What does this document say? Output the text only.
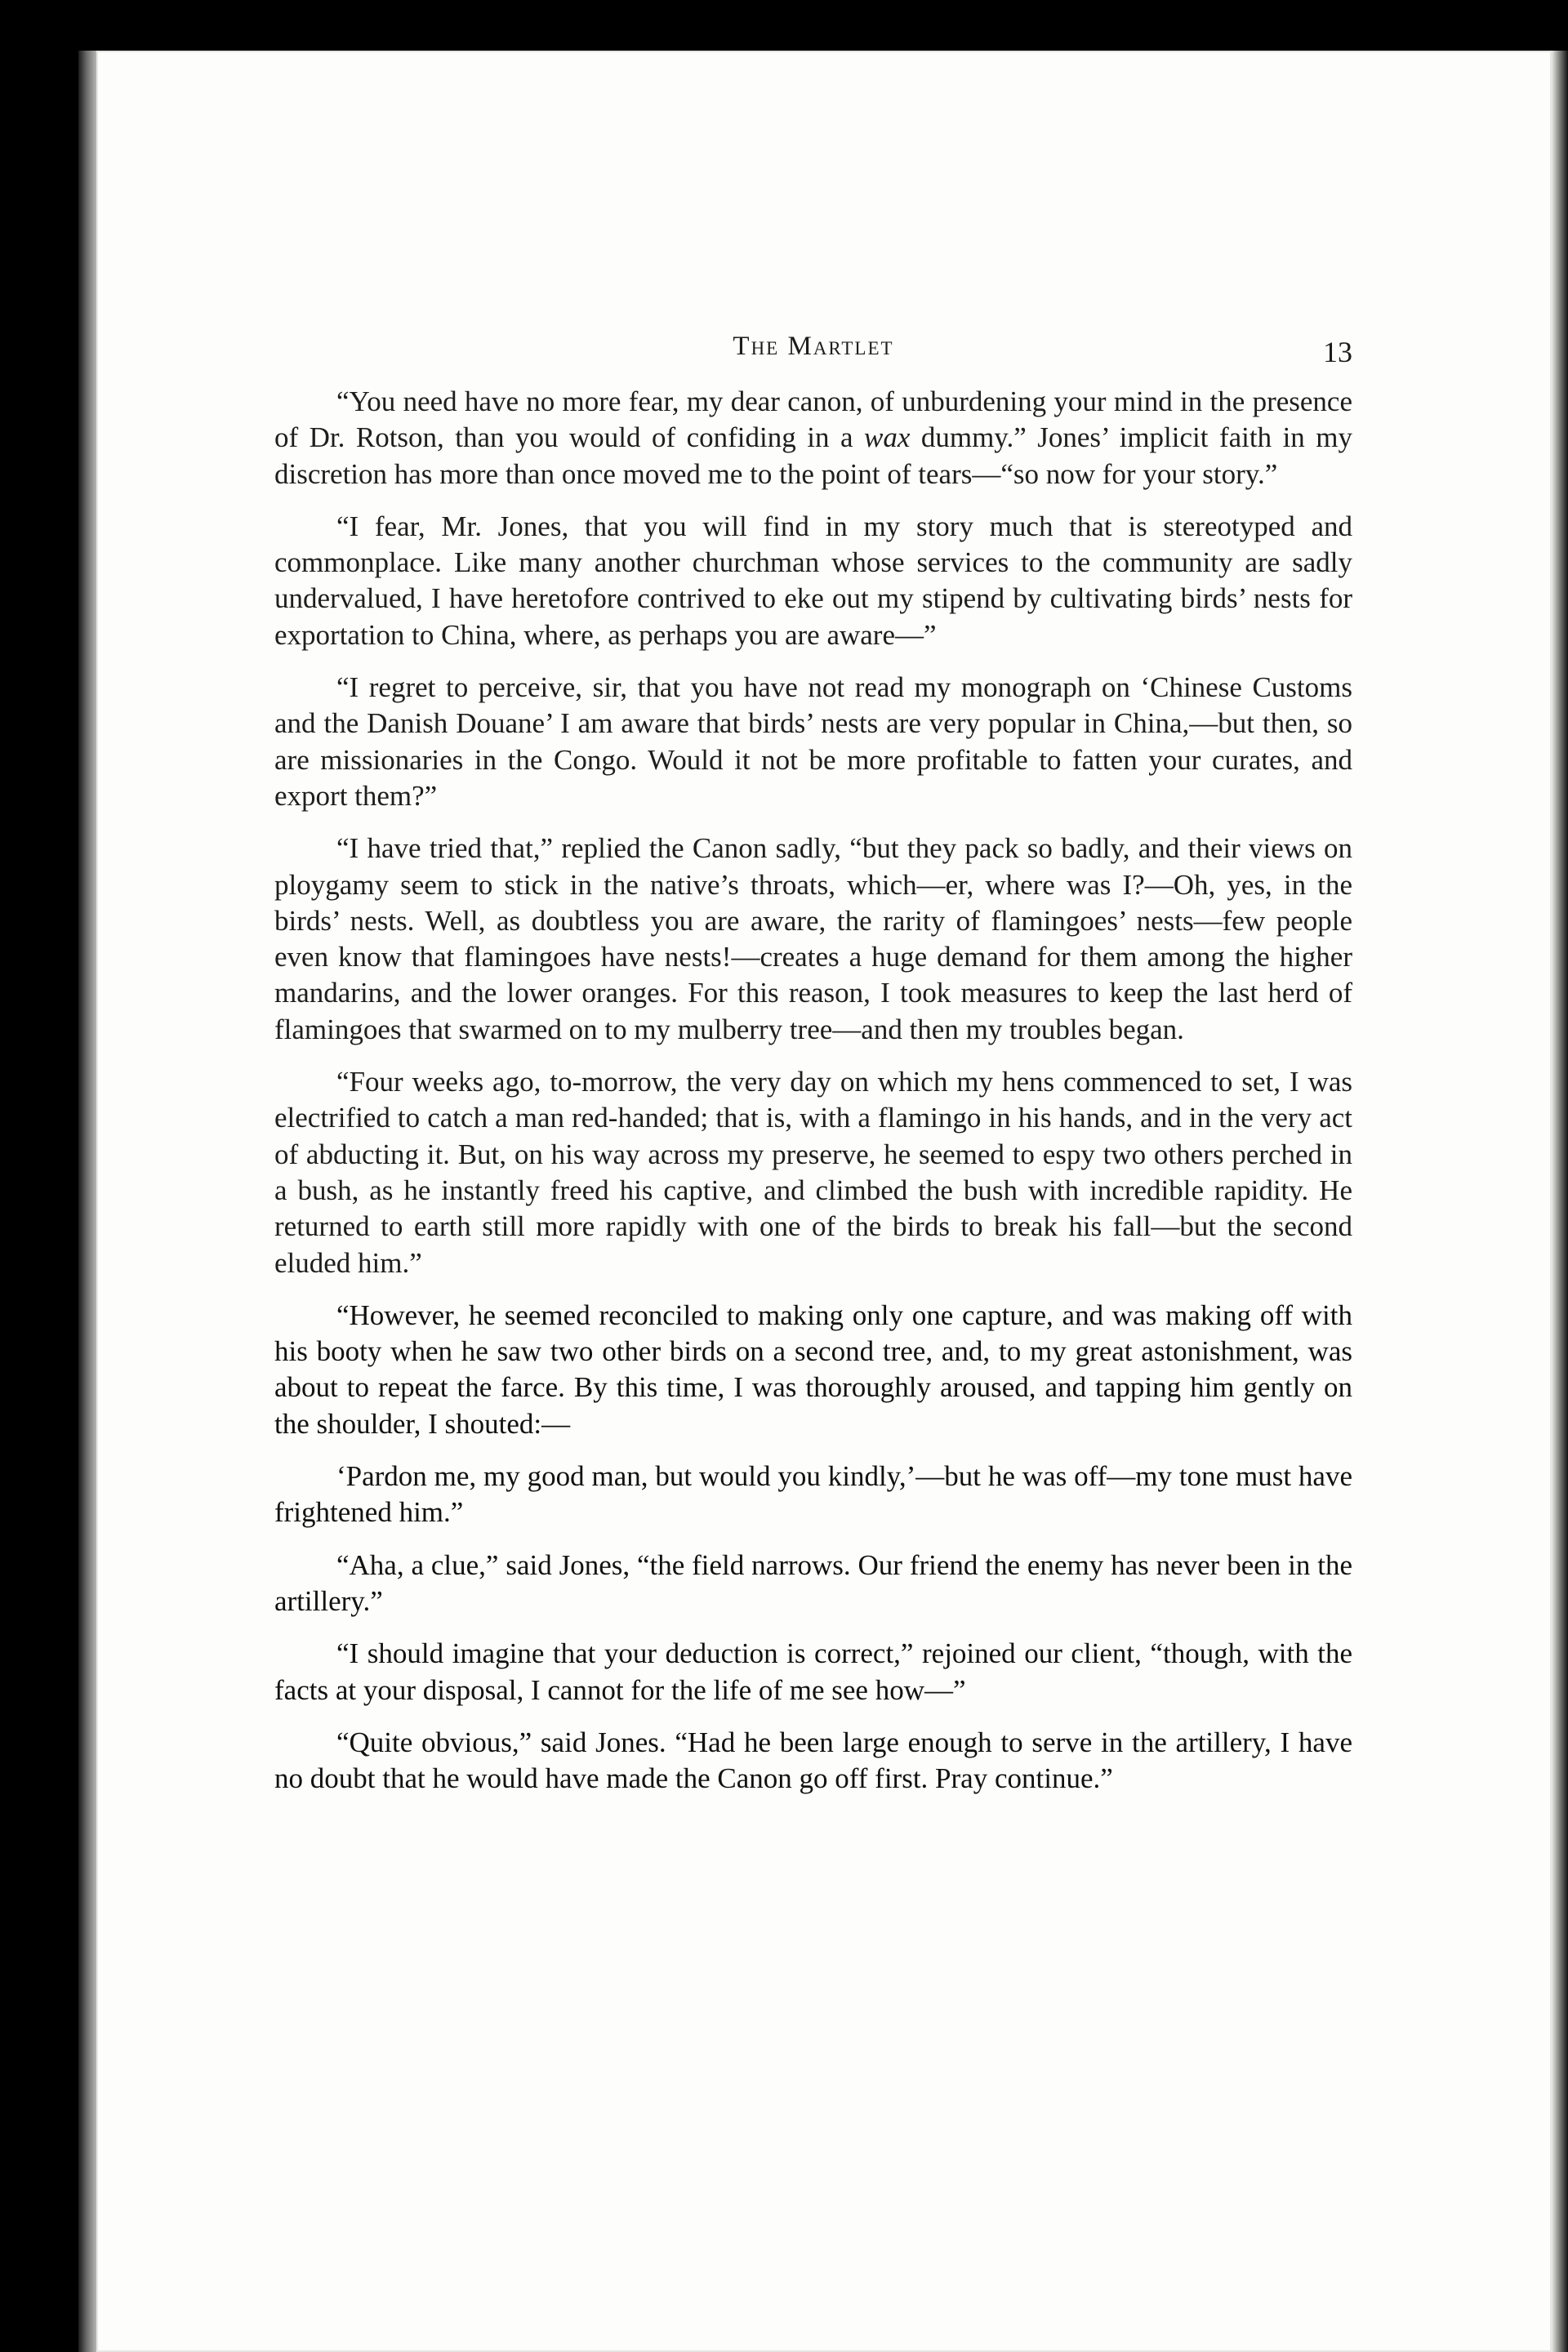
The Martlet	13

“You need have no more fear, my dear canon, of unburdening your mind in the presence of Dr. Rotson, than you would of confiding in a wax dummy.” Jones’ implicit faith in my discretion has more than once moved me to the point of tears—“so now for your story.”

“I fear, Mr. Jones, that you will find in my story much that is stereotyped and commonplace. Like many another churchman whose services to the community are sadly undervalued, I have heretofore contrived to eke out my stipend by cultivating birds’ nests for exportation to China, where, as perhaps you are aware—”

“I regret to perceive, sir, that you have not read my monograph on ‘Chinese Customs and the Danish Douane’ I am aware that birds’ nests are very popular in China,—but then, so are missionaries in the Congo. Would it not be more profitable to fatten your curates, and export them?”

“I have tried that,” replied the Canon sadly, “but they pack so badly, and their views on ploygamy seem to stick in the native’s throats, which—er, where was I?—Oh, yes, in the birds’ nests. Well, as doubtless you are aware, the rarity of flamingoes’ nests—few people even know that flamingoes have nests!—creates a huge demand for them among the higher mandarins, and the lower oranges. For this reason, I took measures to keep the last herd of flamingoes that swarmed on to my mulberry tree—and then my troubles began.

“Four weeks ago, to-morrow, the very day on which my hens commenced to set, I was electrified to catch a man red-handed; that is, with a flamingo in his hands, and in the very act of abducting it. But, on his way across my preserve, he seemed to espy two others perched in a bush, as he instantly freed his captive, and climbed the bush with incredible rapidity. He returned to earth still more rapidly with one of the birds to break his fall—but the second eluded him.”

“However, he seemed reconciled to making only one capture, and was making off with his booty when he saw two other birds on a second tree, and, to my great astonishment, was about to repeat the farce. By this time, I was thoroughly aroused, and tapping him gently on the shoulder, I shouted:—

‘Pardon me, my good man, but would you kindly,’—but he was off—my tone must have frightened him.”

“Aha, a clue,” said Jones, “the field narrows. Our friend the enemy has never been in the artillery.”

“I should imagine that your deduction is correct,” rejoined our client, “though, with the facts at your disposal, I cannot for the life of me see how—”

“Quite obvious,” said Jones. “Had he been large enough to serve in the artillery, I have no doubt that he would have made the Canon go off first. Pray continue.”
